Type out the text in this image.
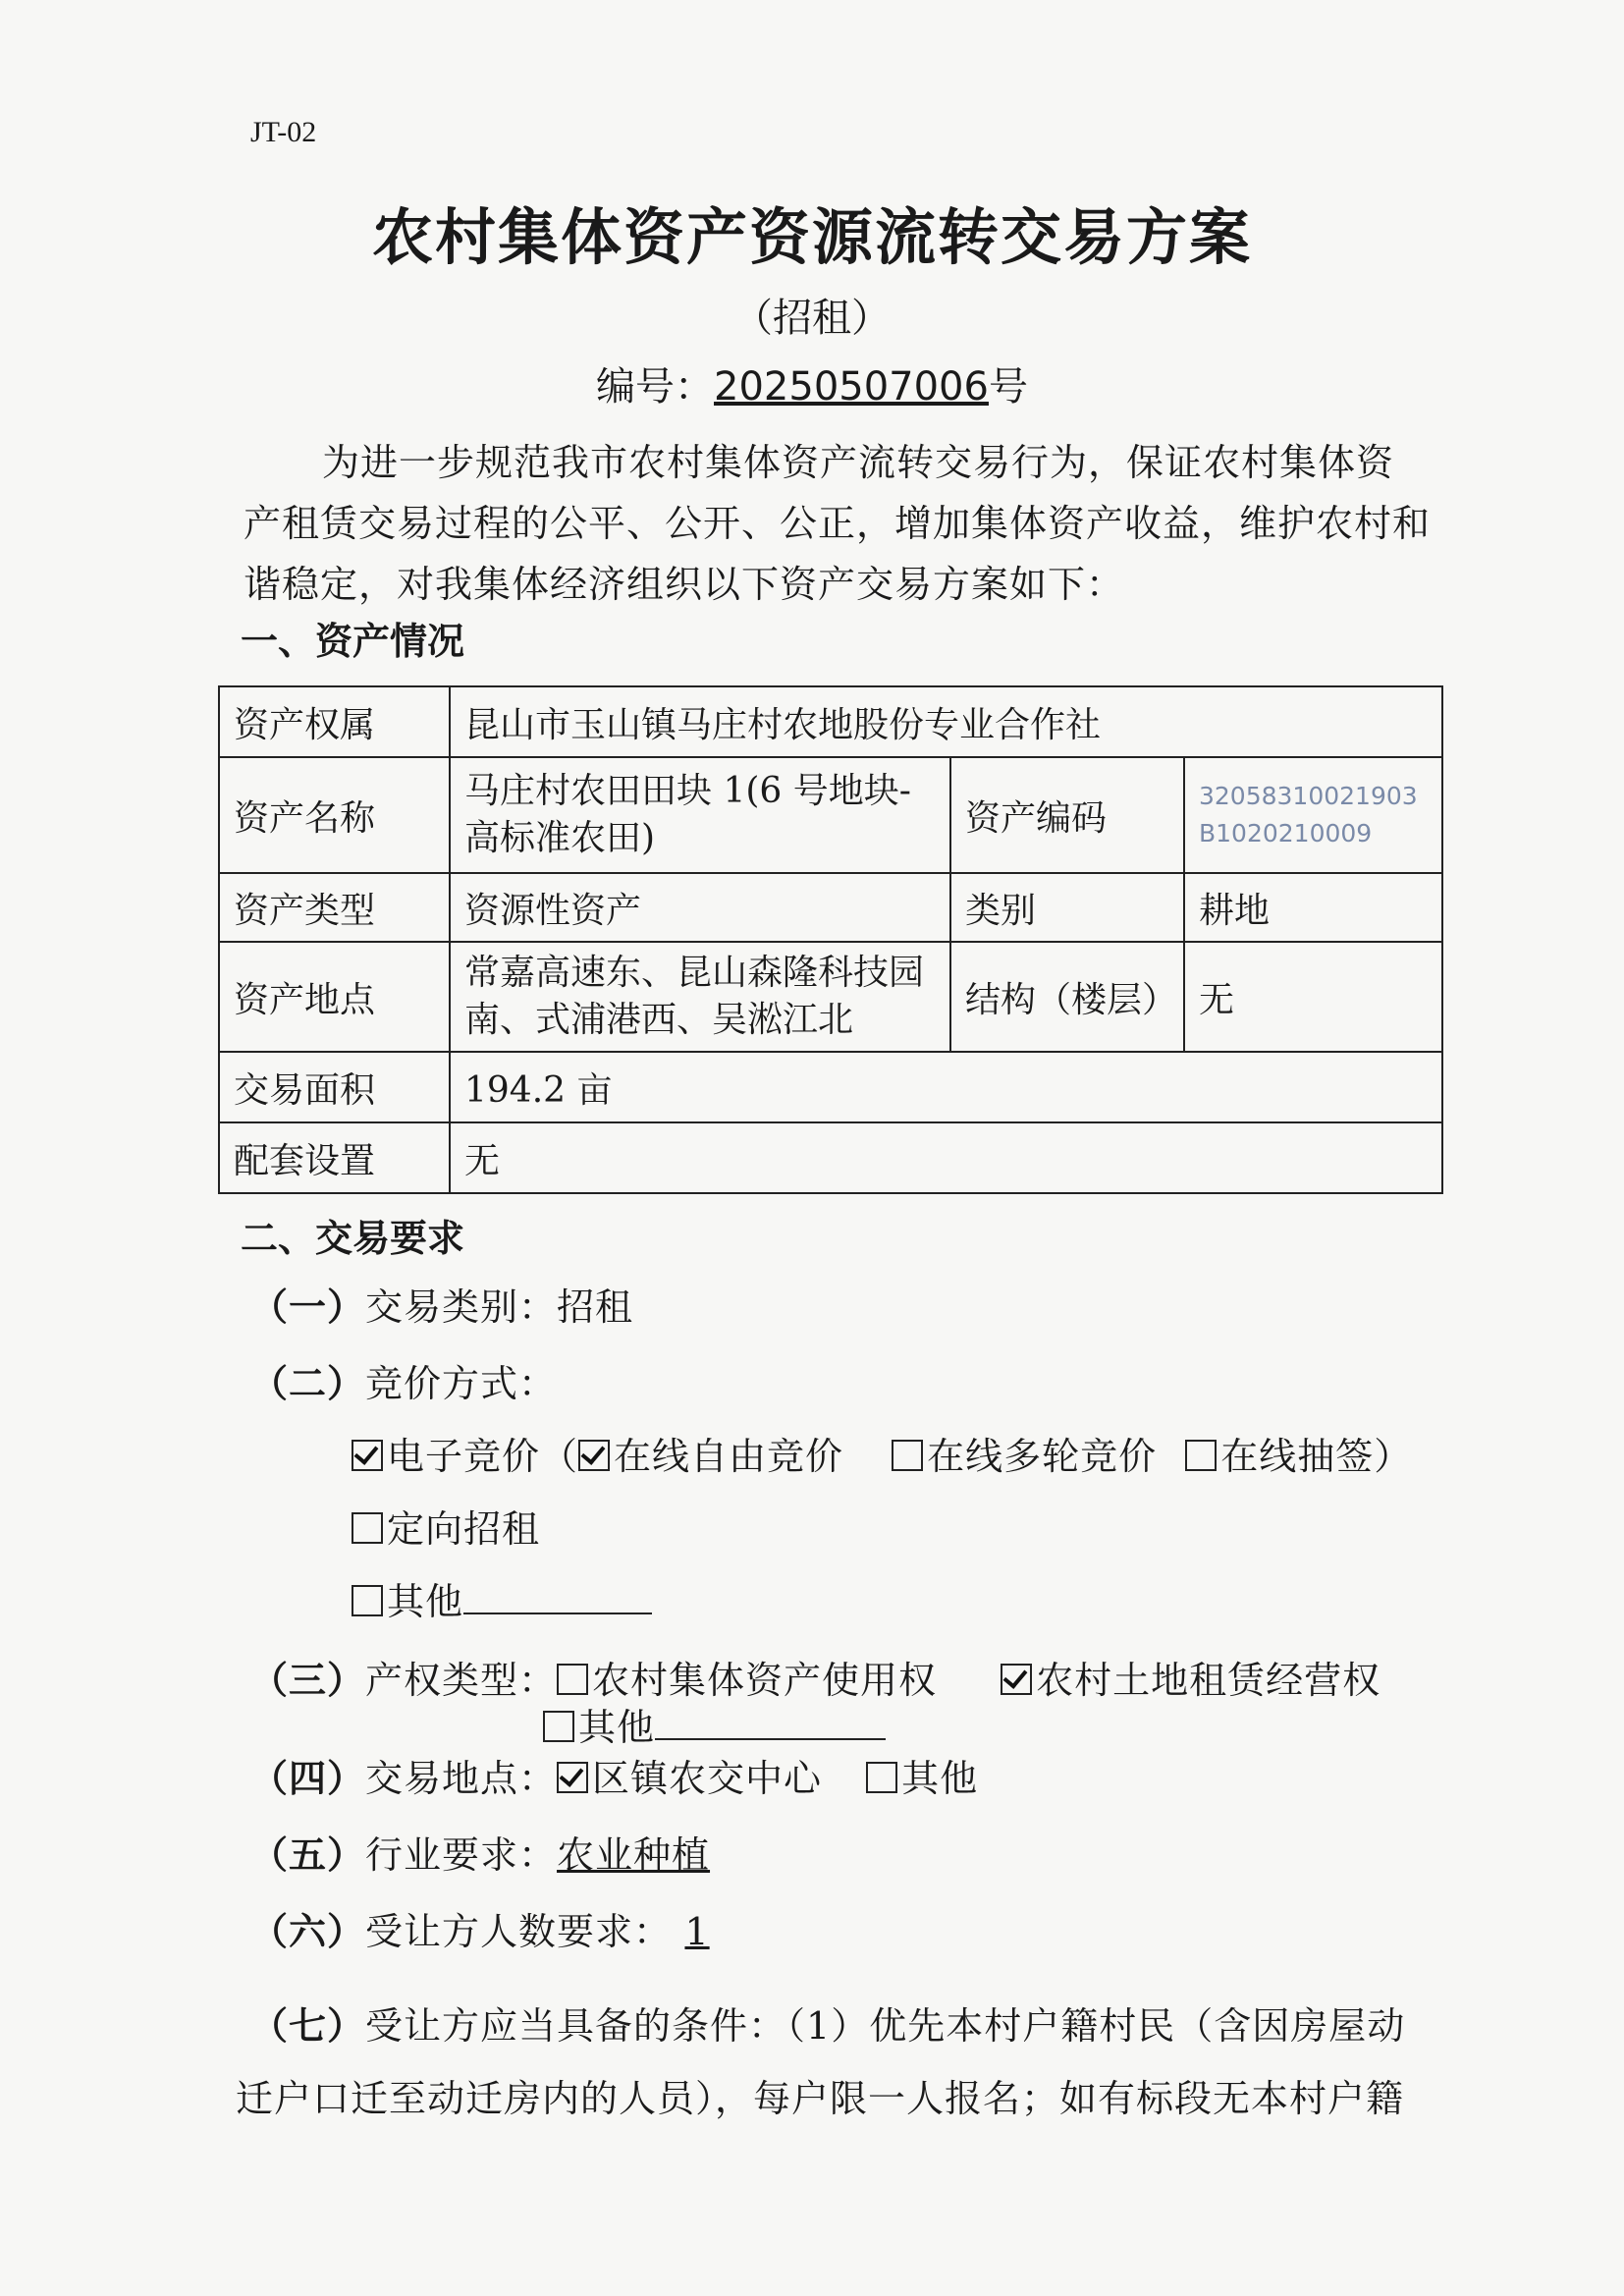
JT-02
农村集体资产资源流转交易方案
（招租）
编号：20250507006号
为进一步规范我市农村集体资产流转交易行为，保证农村集体资产租赁交易过程的公平、公开、公正，增加集体资产收益，维护农村和谐稳定，对我集体经济组织以下资产交易方案如下：
一、资产情况
资产权属	昆山市玉山镇马庄村农地股份专业合作社		
资产名称	马庄村农田田块 1(6 号地块-高标准农田)	资产编码	32058310021903B1020210009
资产类型	资源性资产	类别	耕地
资产地点	常嘉高速东、昆山森隆科技园南、式浦港西、吴淞江北	结构（楼层）	无
交易面积	194.2 亩		
配套设置	无		
二、交易要求
（一）交易类别：招租
（二）竞价方式：
电子竞价（ 在线自由竞价 在线多轮竞价 在线抽签）
定向招租
其他
（三）产权类型： 农村集体资产使用权	农村土地租赁经营权
其他
（四）交易地点： 区镇农交中心 其他
（五）行业要求：农业种植
（六）受让方人数要求： 1
（七）受让方应当具备的条件：（1）优先本村户籍村民（含因房屋动
迁户口迁至动迁房内的人员），每户限一人报名；如有标段无本村户籍
